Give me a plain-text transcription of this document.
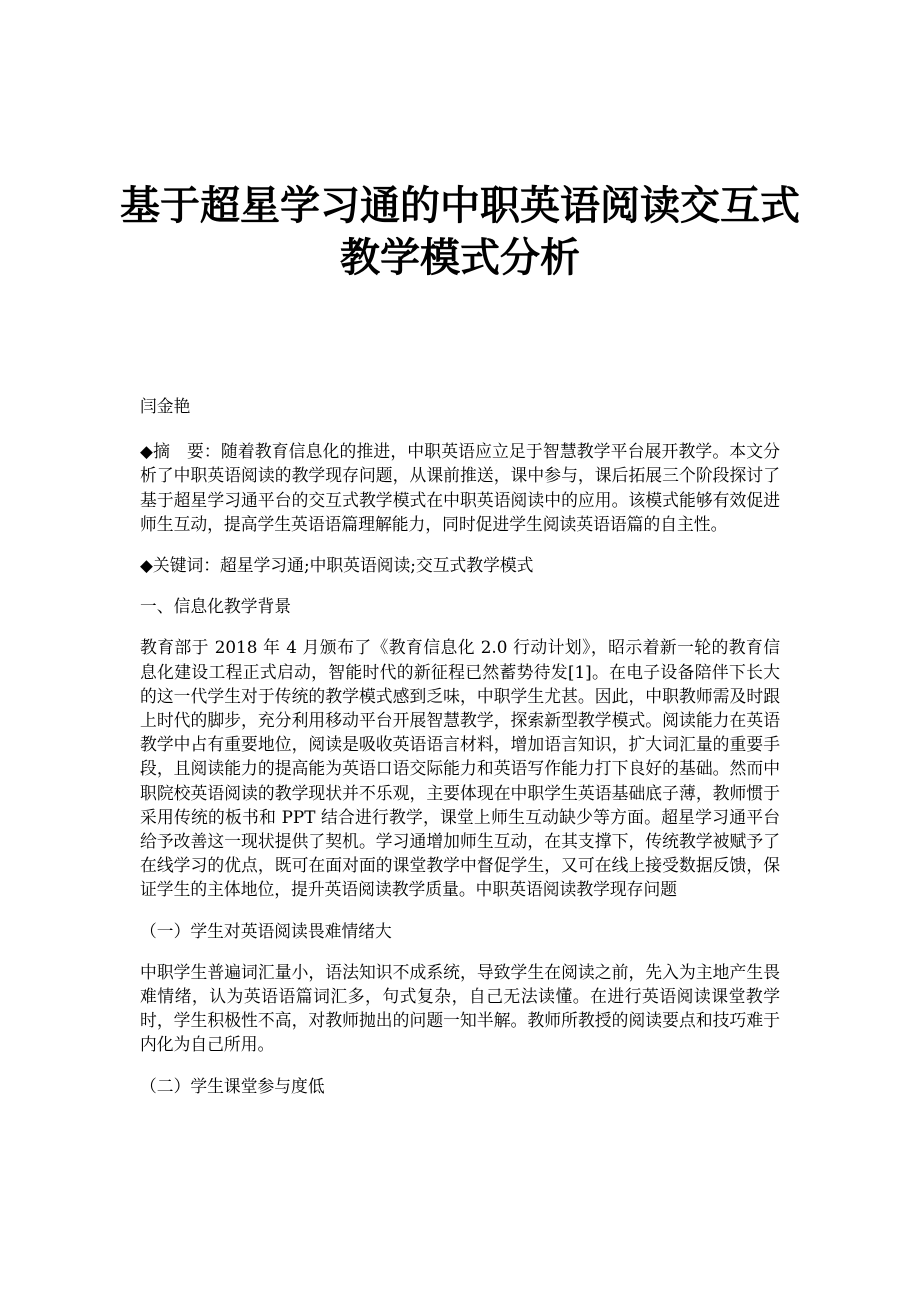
基于超星学习通的中职英语阅读交互式
教学模式分析

闫金艳

◆摘　要：随着教育信息化的推进，中职英语应立足于智慧教学平台展开教学。本文分析了中职英语阅读的教学现存问题，从课前推送，课中参与，课后拓展三个阶段探讨了基于超星学习通平台的交互式教学模式在中职英语阅读中的应用。该模式能够有效促进师生互动，提高学生英语语篇理解能力，同时促进学生阅读英语语篇的自主性。

◆关键词：超星学习通;中职英语阅读;交互式教学模式

一、信息化教学背景

教育部于 2018 年 4 月颁布了《教育信息化 2.0 行动计划》，昭示着新一轮的教育信息化建设工程正式启动，智能时代的新征程已然蓄势待发[1]。在电子设备陪伴下长大的这一代学生对于传统的教学模式感到乏味，中职学生尤甚。因此，中职教师需及时跟上时代的脚步，充分利用移动平台开展智慧教学，探索新型教学模式。阅读能力在英语教学中占有重要地位，阅读是吸收英语语言材料，增加语言知识，扩大词汇量的重要手段，且阅读能力的提高能为英语口语交际能力和英语写作能力打下良好的基础。然而中职院校英语阅读的教学现状并不乐观，主要体现在中职学生英语基础底子薄，教师惯于采用传统的板书和 PPT 结合进行教学，课堂上师生互动缺少等方面。超星学习通平台给予改善这一现状提供了契机。学习通增加师生互动，在其支撑下，传统教学被赋予了在线学习的优点，既可在面对面的课堂教学中督促学生，又可在线上接受数据反馈，保证学生的主体地位，提升英语阅读教学质量。中职英语阅读教学现存问题

（一）学生对英语阅读畏难情绪大

中职学生普遍词汇量小，语法知识不成系统，导致学生在阅读之前，先入为主地产生畏难情绪，认为英语语篇词汇多，句式复杂，自己无法读懂。在进行英语阅读课堂教学时，学生积极性不高，对教师抛出的问题一知半解。教师所教授的阅读要点和技巧难于内化为自己所用。

（二）学生课堂参与度低
